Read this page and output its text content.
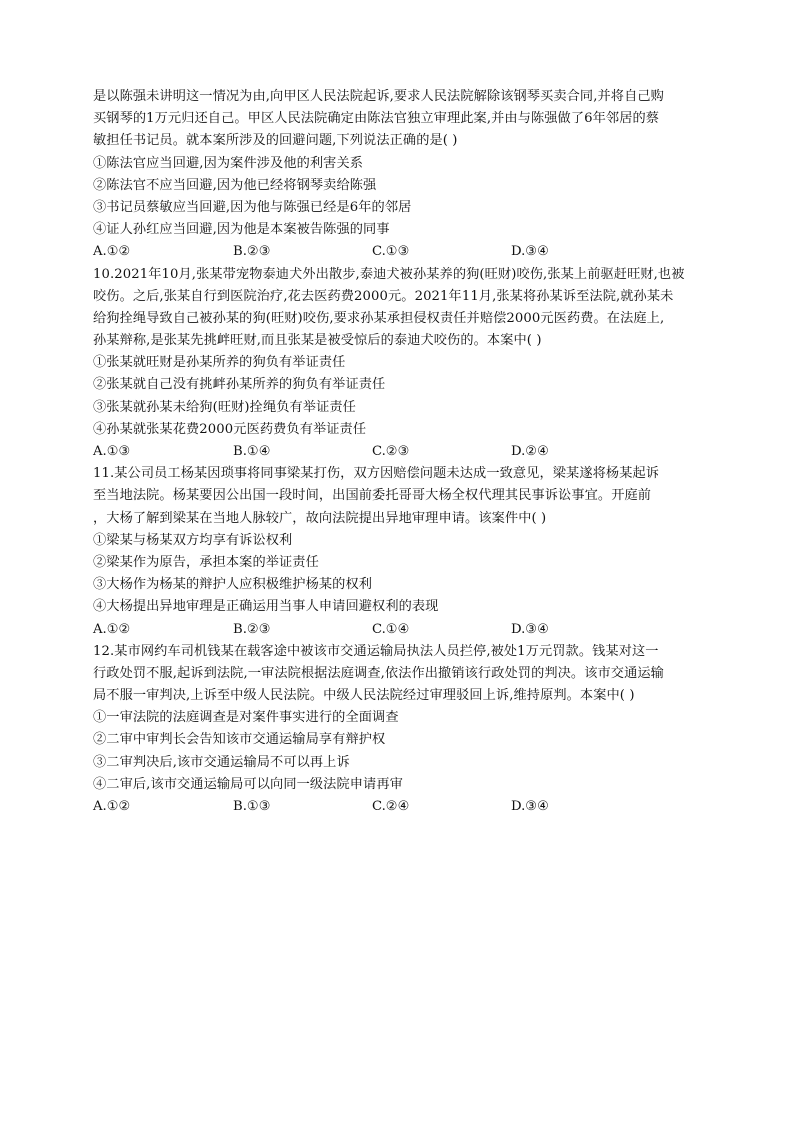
是以陈强未讲明这一情况为由,向甲区人民法院起诉,要求人民法院解除该钢琴买卖合同,并将自己购
买钢琴的1万元归还自己。甲区人民法院确定由陈法官独立审理此案,并由与陈强做了6年邻居的蔡
敏担任书记员。就本案所涉及的回避问题,下列说法正确的是( )
①陈法官应当回避,因为案件涉及他的利害关系
②陈法官不应当回避,因为他已经将钢琴卖给陈强
③书记员蔡敏应当回避,因为他与陈强已经是6年的邻居
④证人孙红应当回避,因为他是本案被告陈强的同事
A.①②	B.②③	C.①③	D.③④
10.2021年10月,张某带宠物泰迪犬外出散步,泰迪犬被孙某养的狗(旺财)咬伤,张某上前驱赶旺财,也被
咬伤。之后,张某自行到医院治疗,花去医药费2000元。2021年11月,张某将孙某诉至法院,就孙某未
给狗拴绳导致自己被孙某的狗(旺财)咬伤,要求孙某承担侵权责任并赔偿2000元医药费。在法庭上,
孙某辩称,是张某先挑衅旺财,而且张某是被受惊后的泰迪犬咬伤的。本案中( )
①张某就旺财是孙某所养的狗负有举证责任
②张某就自己没有挑衅孙某所养的狗负有举证责任
③张某就孙某未给狗(旺财)拴绳负有举证责任
④孙某就张某花费2000元医药费负有举证责任
A.①③	B.①④	C.②③	D.②④
11.某公司员工杨某因琐事将同事梁某打伤，双方因赔偿问题未达成一致意见，梁某遂将杨某起诉
至当地法院。杨某要因公出国一段时间，出国前委托哥哥大杨全权代理其民事诉讼事宜。开庭前
，大杨了解到梁某在当地人脉较广，故向法院提出异地审理申请。该案件中( )
①梁某与杨某双方均享有诉讼权利
②梁某作为原告，承担本案的举证责任
③大杨作为杨某的辩护人应积极维护杨某的权利
④大杨提出异地审理是正确运用当事人申请回避权利的表现
A.①②	B.②③	C.①④	D.③④
12.某市网约车司机钱某在载客途中被该市交通运输局执法人员拦停,被处1万元罚款。钱某对这一
行政处罚不服,起诉到法院,一审法院根据法庭调查,依法作出撤销该行政处罚的判决。该市交通运输
局不服一审判决,上诉至中级人民法院。中级人民法院经过审理驳回上诉,维持原判。本案中( )
①一审法院的法庭调查是对案件事实进行的全面调查
②二审中审判长会告知该市交通运输局享有辩护权
③二审判决后,该市交通运输局不可以再上诉
④二审后,该市交通运输局可以向同一级法院申请再审
A.①②	B.①③	C.②④	D.③④
